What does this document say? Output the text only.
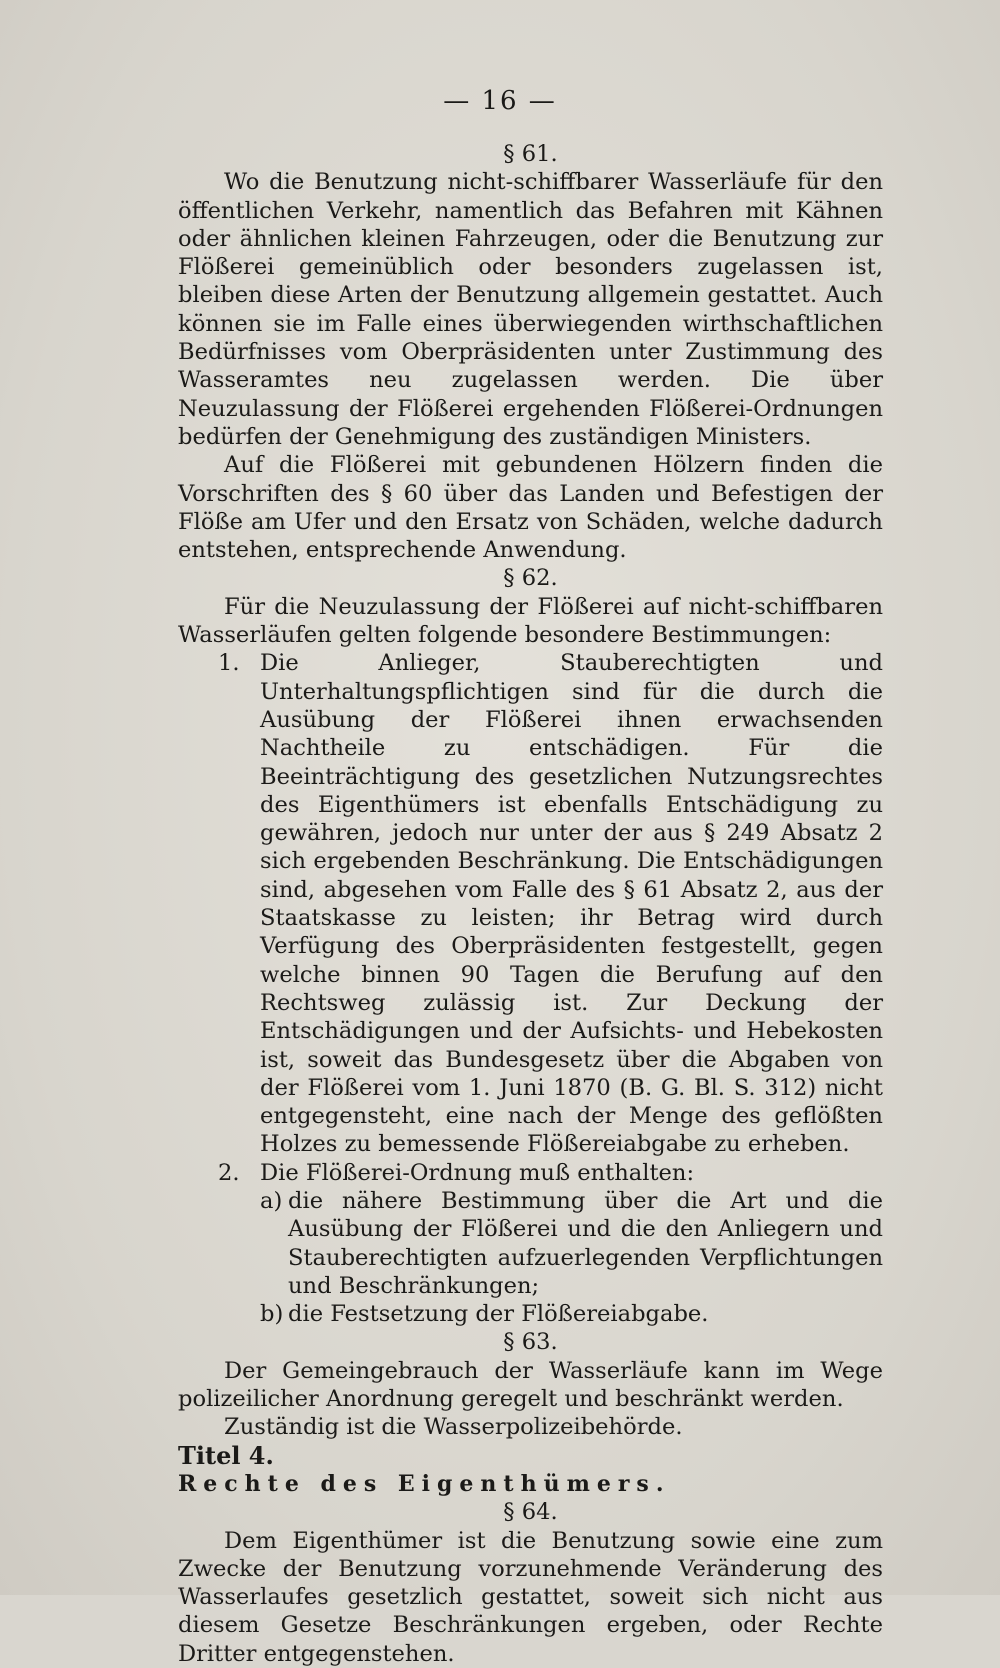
— 16 —

§ 61.

Wo die Benutzung nicht-schiffbarer Wasserläufe für den öffentlichen Verkehr, namentlich das Befahren mit Kähnen oder ähnlichen kleinen Fahrzeugen, oder die Benutzung zur Flößerei gemeinüblich oder besonders zugelassen ist, bleiben diese Arten der Benutzung allgemein gestattet. Auch können sie im Falle eines überwiegenden wirthschaftlichen Bedürfnisses vom Oberpräsidenten unter Zustimmung des Wasseramtes neu zugelassen werden. Die über Neuzulassung der Flößerei ergehenden Flößerei-Ordnungen bedürfen der Genehmigung des zuständigen Ministers.

Auf die Flößerei mit gebundenen Hölzern finden die Vorschriften des § 60 über das Landen und Befestigen der Flöße am Ufer und den Ersatz von Schäden, welche dadurch entstehen, entsprechende Anwendung.

§ 62.

Für die Neuzulassung der Flößerei auf nicht-schiffbaren Wasserläufen gelten folgende besondere Bestimmungen:

1. Die Anlieger, Stauberechtigten und Unterhaltungspflichtigen sind für die durch die Ausübung der Flößerei ihnen erwachsenden Nachtheile zu entschädigen. Für die Beeinträchtigung des gesetzlichen Nutzungsrechtes des Eigenthümers ist ebenfalls Entschädigung zu gewähren, jedoch nur unter der aus § 249 Absatz 2 sich ergebenden Beschränkung. Die Entschädigungen sind, abgesehen vom Falle des § 61 Absatz 2, aus der Staatskasse zu leisten; ihr Betrag wird durch Verfügung des Oberpräsidenten festgestellt, gegen welche binnen 90 Tagen die Berufung auf den Rechtsweg zulässig ist. Zur Deckung der Entschädigungen und der Aufsichts- und Hebekosten ist, soweit das Bundesgesetz über die Abgaben von der Flößerei vom 1. Juni 1870 (B. G. Bl. S. 312) nicht entgegensteht, eine nach der Menge des geflößten Holzes zu bemessende Flößereiabgabe zu erheben.
2. Die Flößerei-Ordnung muß enthalten:
a) die nähere Bestimmung über die Art und die Ausübung der Flößerei und die den Anliegern und Stauberechtigten aufzuerlegenden Verpflichtungen und Beschränkungen;
b) die Festsetzung der Flößereiabgabe.

§ 63.

Der Gemeingebrauch der Wasserläufe kann im Wege polizeilicher Anordnung geregelt und beschränkt werden.

Zuständig ist die Wasserpolizeibehörde.

Titel 4.

Rechte des Eigenthümers.

§ 64.

Dem Eigenthümer ist die Benutzung sowie eine zum Zwecke der Benutzung vorzunehmende Veränderung des Wasserlaufes gesetzlich gestattet, soweit sich nicht aus diesem Gesetze Beschränkungen ergeben, oder Rechte Dritter entgegenstehen.
